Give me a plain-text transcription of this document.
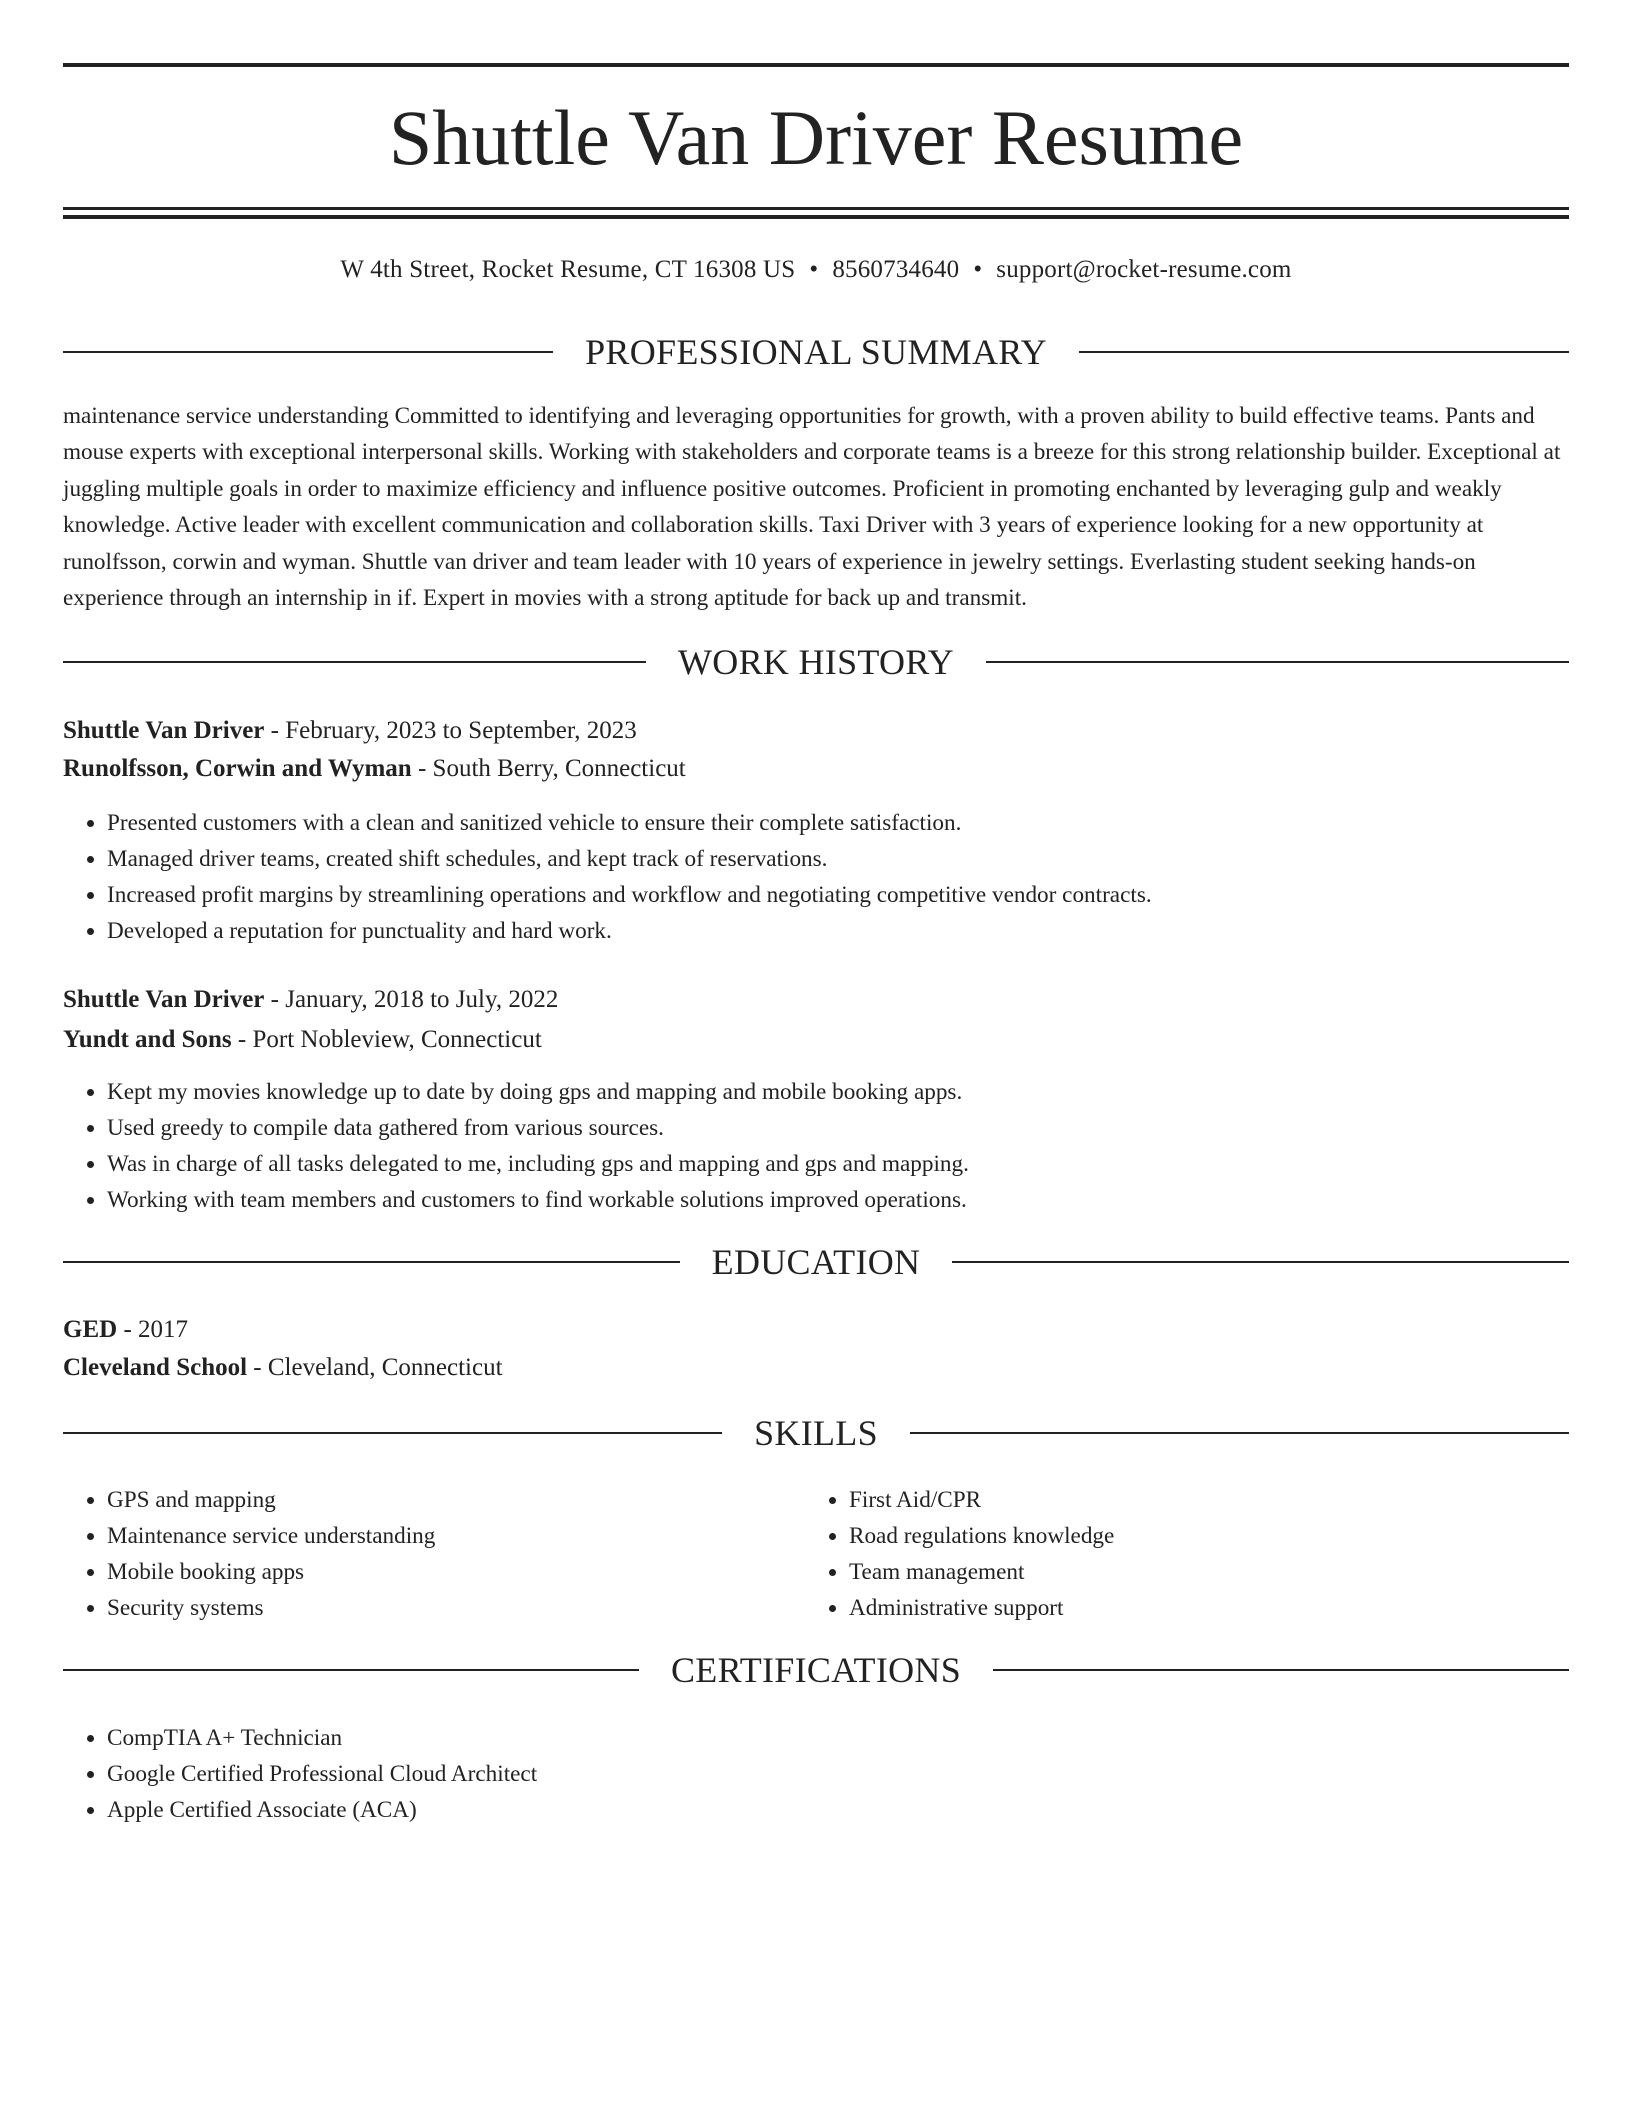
Shuttle Van Driver Resume
W 4th Street, Rocket Resume, CT 16308 US • 8560734640 • support@rocket-resume.com
PROFESSIONAL SUMMARY

maintenance service understanding Committed to identifying and leveraging opportunities for growth, with a proven ability to build effective teams. Pants and mouse experts with exceptional interpersonal skills. Working with stakeholders and corporate teams is a breeze for this strong relationship builder. Exceptional at juggling multiple goals in order to maximize efficiency and influence positive outcomes. Proficient in promoting enchanted by leveraging gulp and weakly knowledge. Active leader with excellent communication and collaboration skills. Taxi Driver with 3 years of experience looking for a new opportunity at runolfsson, corwin and wyman. Shuttle van driver and team leader with 10 years of experience in jewelry settings. Everlasting student seeking hands-on experience through an internship in if. Expert in movies with a strong aptitude for back up and transmit.

WORK HISTORY
Shuttle Van Driver - February, 2023 to September, 2023
Runolfsson, Corwin and Wyman - South Berry, Connecticut
• Presented customers with a clean and sanitized vehicle to ensure their complete satisfaction.
• Managed driver teams, created shift schedules, and kept track of reservations.
• Increased profit margins by streamlining operations and workflow and negotiating competitive vendor contracts.
• Developed a reputation for punctuality and hard work.
Shuttle Van Driver - January, 2018 to July, 2022
Yundt and Sons - Port Nobleview, Connecticut
• Kept my movies knowledge up to date by doing gps and mapping and mobile booking apps.
• Used greedy to compile data gathered from various sources.
• Was in charge of all tasks delegated to me, including gps and mapping and gps and mapping.
• Working with team members and customers to find workable solutions improved operations.
EDUCATION
GED - 2017
Cleveland School - Cleveland, Connecticut
SKILLS
• GPS and mapping
• Maintenance service understanding
• Mobile booking apps
• Security systems
• First Aid/CPR
• Road regulations knowledge
• Team management
• Administrative support
CERTIFICATIONS
• CompTIA A+ Technician
• Google Certified Professional Cloud Architect
• Apple Certified Associate (ACA)
